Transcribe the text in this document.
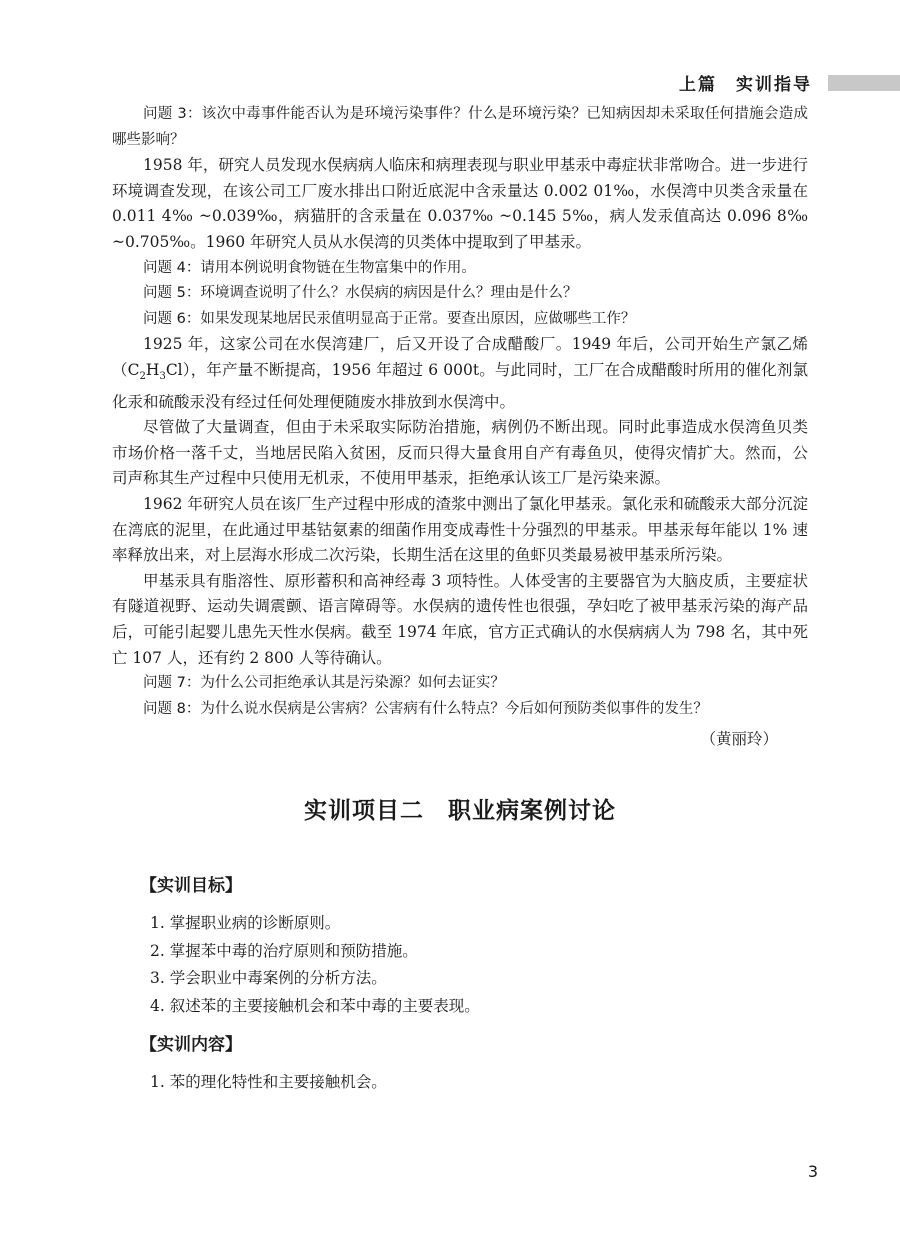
上篇　实训指导

问题 3：该次中毒事件能否认为是环境污染事件？什么是环境污染？已知病因却未采取任何措施会造成哪些影响？

1958 年，研究人员发现水俣病病人临床和病理表现与职业甲基汞中毒症状非常吻合。进一步进行环境调查发现，在该公司工厂废水排出口附近底泥中含汞量达 0.002 01‰，水俣湾中贝类含汞量在 0.011 4‰ ~0.039‰，病猫肝的含汞量在 0.037‰ ~0.145 5‰，病人发汞值高达 0.096 8‰ ~0.705‰。1960 年研究人员从水俣湾的贝类体中提取到了甲基汞。

问题 4：请用本例说明食物链在生物富集中的作用。

问题 5：环境调查说明了什么？水俣病的病因是什么？理由是什么？

问题 6：如果发现某地居民汞值明显高于正常。要查出原因，应做哪些工作？

1925 年，这家公司在水俣湾建厂，后又开设了合成醋酸厂。1949 年后，公司开始生产氯乙烯$(C_2H_3Cl)$，年产量不断提高，1956 年超过 6 000t。与此同时，工厂在合成醋酸时所用的催化剂氯化汞和硫酸汞没有经过任何处理便随废水排放到水俣湾中。

尽管做了大量调查，但由于未采取实际防治措施，病例仍不断出现。同时此事造成水俣湾鱼贝类市场价格一落千丈，当地居民陷入贫困，反而只得大量食用自产有毒鱼贝，使得灾情扩大。然而，公司声称其生产过程中只使用无机汞，不使用甲基汞，拒绝承认该工厂是污染来源。

1962 年研究人员在该厂生产过程中形成的渣浆中测出了氯化甲基汞。氯化汞和硫酸汞大部分沉淀在湾底的泥里，在此通过甲基钴氨素的细菌作用变成毒性十分强烈的甲基汞。甲基汞每年能以 1% 速率释放出来，对上层海水形成二次污染，长期生活在这里的鱼虾贝类最易被甲基汞所污染。

甲基汞具有脂溶性、原形蓄积和高神经毒 3 项特性。人体受害的主要器官为大脑皮质，主要症状有隧道视野、运动失调震颤、语言障碍等。水俣病的遗传性也很强，孕妇吃了被甲基汞污染的海产品后，可能引起婴儿患先天性水俣病。截至 1974 年底，官方正式确认的水俣病病人为 798 名，其中死亡 107 人，还有约 2 800 人等待确认。

问题 7：为什么公司拒绝承认其是污染源？如何去证实？

问题 8：为什么说水俣病是公害病？公害病有什么特点？今后如何预防类似事件的发生？

（黄丽玲）
实训项目二　职业病案例讨论
【实训目标】
1. 掌握职业病的诊断原则。
2. 掌握苯中毒的治疗原则和预防措施。
3. 学会职业中毒案例的分析方法。
4. 叙述苯的主要接触机会和苯中毒的主要表现。
【实训内容】
1. 苯的理化特性和主要接触机会。
3
